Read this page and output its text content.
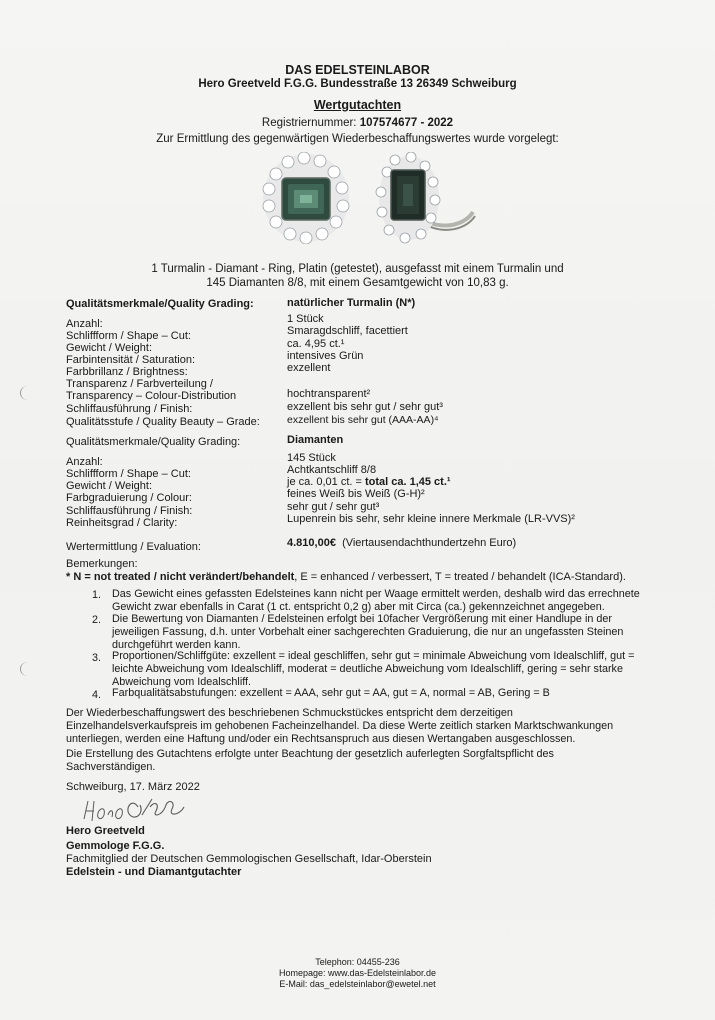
DAS EDELSTEINLABOR
Hero Greetveld F.G.G. Bundesstraße 13 26349 Schweiburg
Wertgutachten
Registriernummer: 107574677 - 2022
Zur Ermittlung des gegenwärtigen Wiederbeschaffungswertes wurde vorgelegt:
1 Turmalin - Diamant - Ring, Platin (getestet), ausgefasst mit einem Turmalin und
145 Diamanten 8/8, mit einem Gesamtgewicht von 10,83 g.
Qualitätsmerkmale/Quality Grading:	natürlicher Turmalin (N*)
Anzahl:	1 Stück
Schliffform / Shape – Cut:	Smaragdschliff, facettiert
Gewicht / Weight:	ca. 4,95 ct.¹
Farbintensität / Saturation:	intensives Grün
Farbbrillanz / Brightness:	exzellent
Transparenz / Farbverteilung /
Transparency – Colour-Distribution	hochtransparent²
Schliffausführung / Finish:	exzellent bis sehr gut / sehr gut³
Qualitätsstufe / Quality Beauty – Grade:	exzellent bis sehr gut (AAA-AA)⁴
Qualitätsmerkmale/Quality Grading:	Diamanten
Anzahl:	145 Stück
Schliffform / Shape – Cut:	Achtkantschliff 8/8
Gewicht / Weight:	je ca. 0,01 ct. = total ca. 1,45 ct.¹
Farbgraduierung / Colour:	feines Weiß bis Weiß (G-H)²
Schliffausführung / Finish:	sehr gut / sehr gut³
Reinheitsgrad / Clarity:	Lupenrein bis sehr, sehr kleine innere Merkmale (LR-VVS)²
Wertermittlung / Evaluation:	4.810,00€ (Viertausendachthundertzehn Euro)
Bemerkungen:
* N = not treated / nicht verändert/behandelt, E = enhanced / verbessert, T = treated / behandelt (ICA-Standard).
1. Das Gewicht eines gefassten Edelsteines kann nicht per Waage ermittelt werden, deshalb wird das errechnete
Gewicht zwar ebenfalls in Carat (1 ct. entspricht 0,2 g) aber mit Circa (ca.) gekennzeichnet angegeben.
2. Die Bewertung von Diamanten / Edelsteinen erfolgt bei 10facher Vergrößerung mit einer Handlupe in der
jeweiligen Fassung, d.h. unter Vorbehalt einer sachgerechten Graduierung, die nur an ungefassten Steinen
durchgeführt werden kann.
3. Proportionen/Schliffgüte: exzellent = ideal geschliffen, sehr gut = minimale Abweichung vom Idealschliff, gut =
leichte Abweichung vom Idealschliff, moderat = deutliche Abweichung vom Idealschliff, gering = sehr starke
Abweichung vom Idealschliff.
4. Farbqualitätsabstufungen: exzellent = AAA, sehr gut = AA, gut = A, normal = AB, Gering = B
Der Wiederbeschaffungswert des beschriebenen Schmuckstückes entspricht dem derzeitigen
Einzelhandelsverkaufspreis im gehobenen Facheinzelhandel. Da diese Werte zeitlich starken Marktschwankungen
unterliegen, werden eine Haftung und/oder ein Rechtsanspruch aus diesen Wertangaben ausgeschlossen.
Die Erstellung des Gutachtens erfolgte unter Beachtung der gesetzlich auferlegten Sorgfaltspflicht des
Sachverständigen.
Schweiburg, 17. März 2022
Hero Greetveld
Gemmologe F.G.G.
Fachmitglied der Deutschen Gemmologischen Gesellschaft, Idar-Oberstein
Edelstein - und Diamantgutachter
Telephon: 04455-236
Homepage: www.das-Edelsteinlabor.de
E-Mail: das_edelsteinlabor@ewetel.net
